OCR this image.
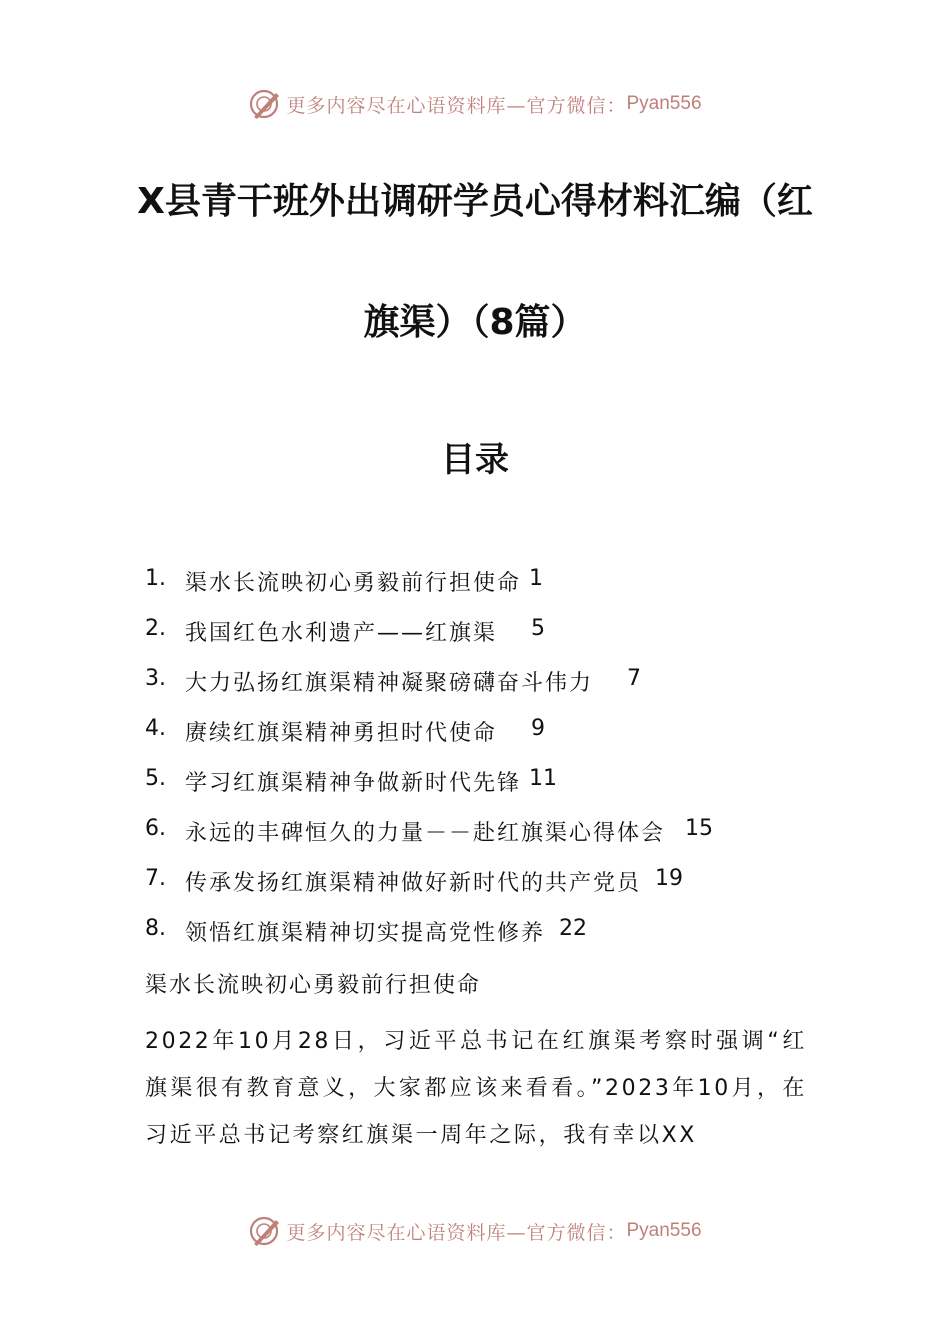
更多内容尽在心语资料库—官方微信： Pyan556
X县青干班外出调研学员心得材料汇编（红
旗渠）（8篇）
目录
1. 渠水长流映初心勇毅前行担使命 1
2. 我国红色水利遗产——红旗渠 5
3. 大力弘扬红旗渠精神凝聚磅礴奋斗伟力 7
4. 赓续红旗渠精神勇担时代使命 9
5. 学习红旗渠精神争做新时代先锋 11
6. 永远的丰碑恒久的力量－－赴红旗渠心得体会 15
7. 传承发扬红旗渠精神做好新时代的共产党员 19
8. 领悟红旗渠精神切实提高党性修养 22
渠水长流映初心勇毅前行担使命

2022年10月28日，习近平总书记在红旗渠考察时强调“红旗渠很有教育意义，大家都应该来看看。”2023年10月，在习近平总书记考察红旗渠一周年之际，我有幸以XX

更多内容尽在心语资料库—官方微信： Pyan556
